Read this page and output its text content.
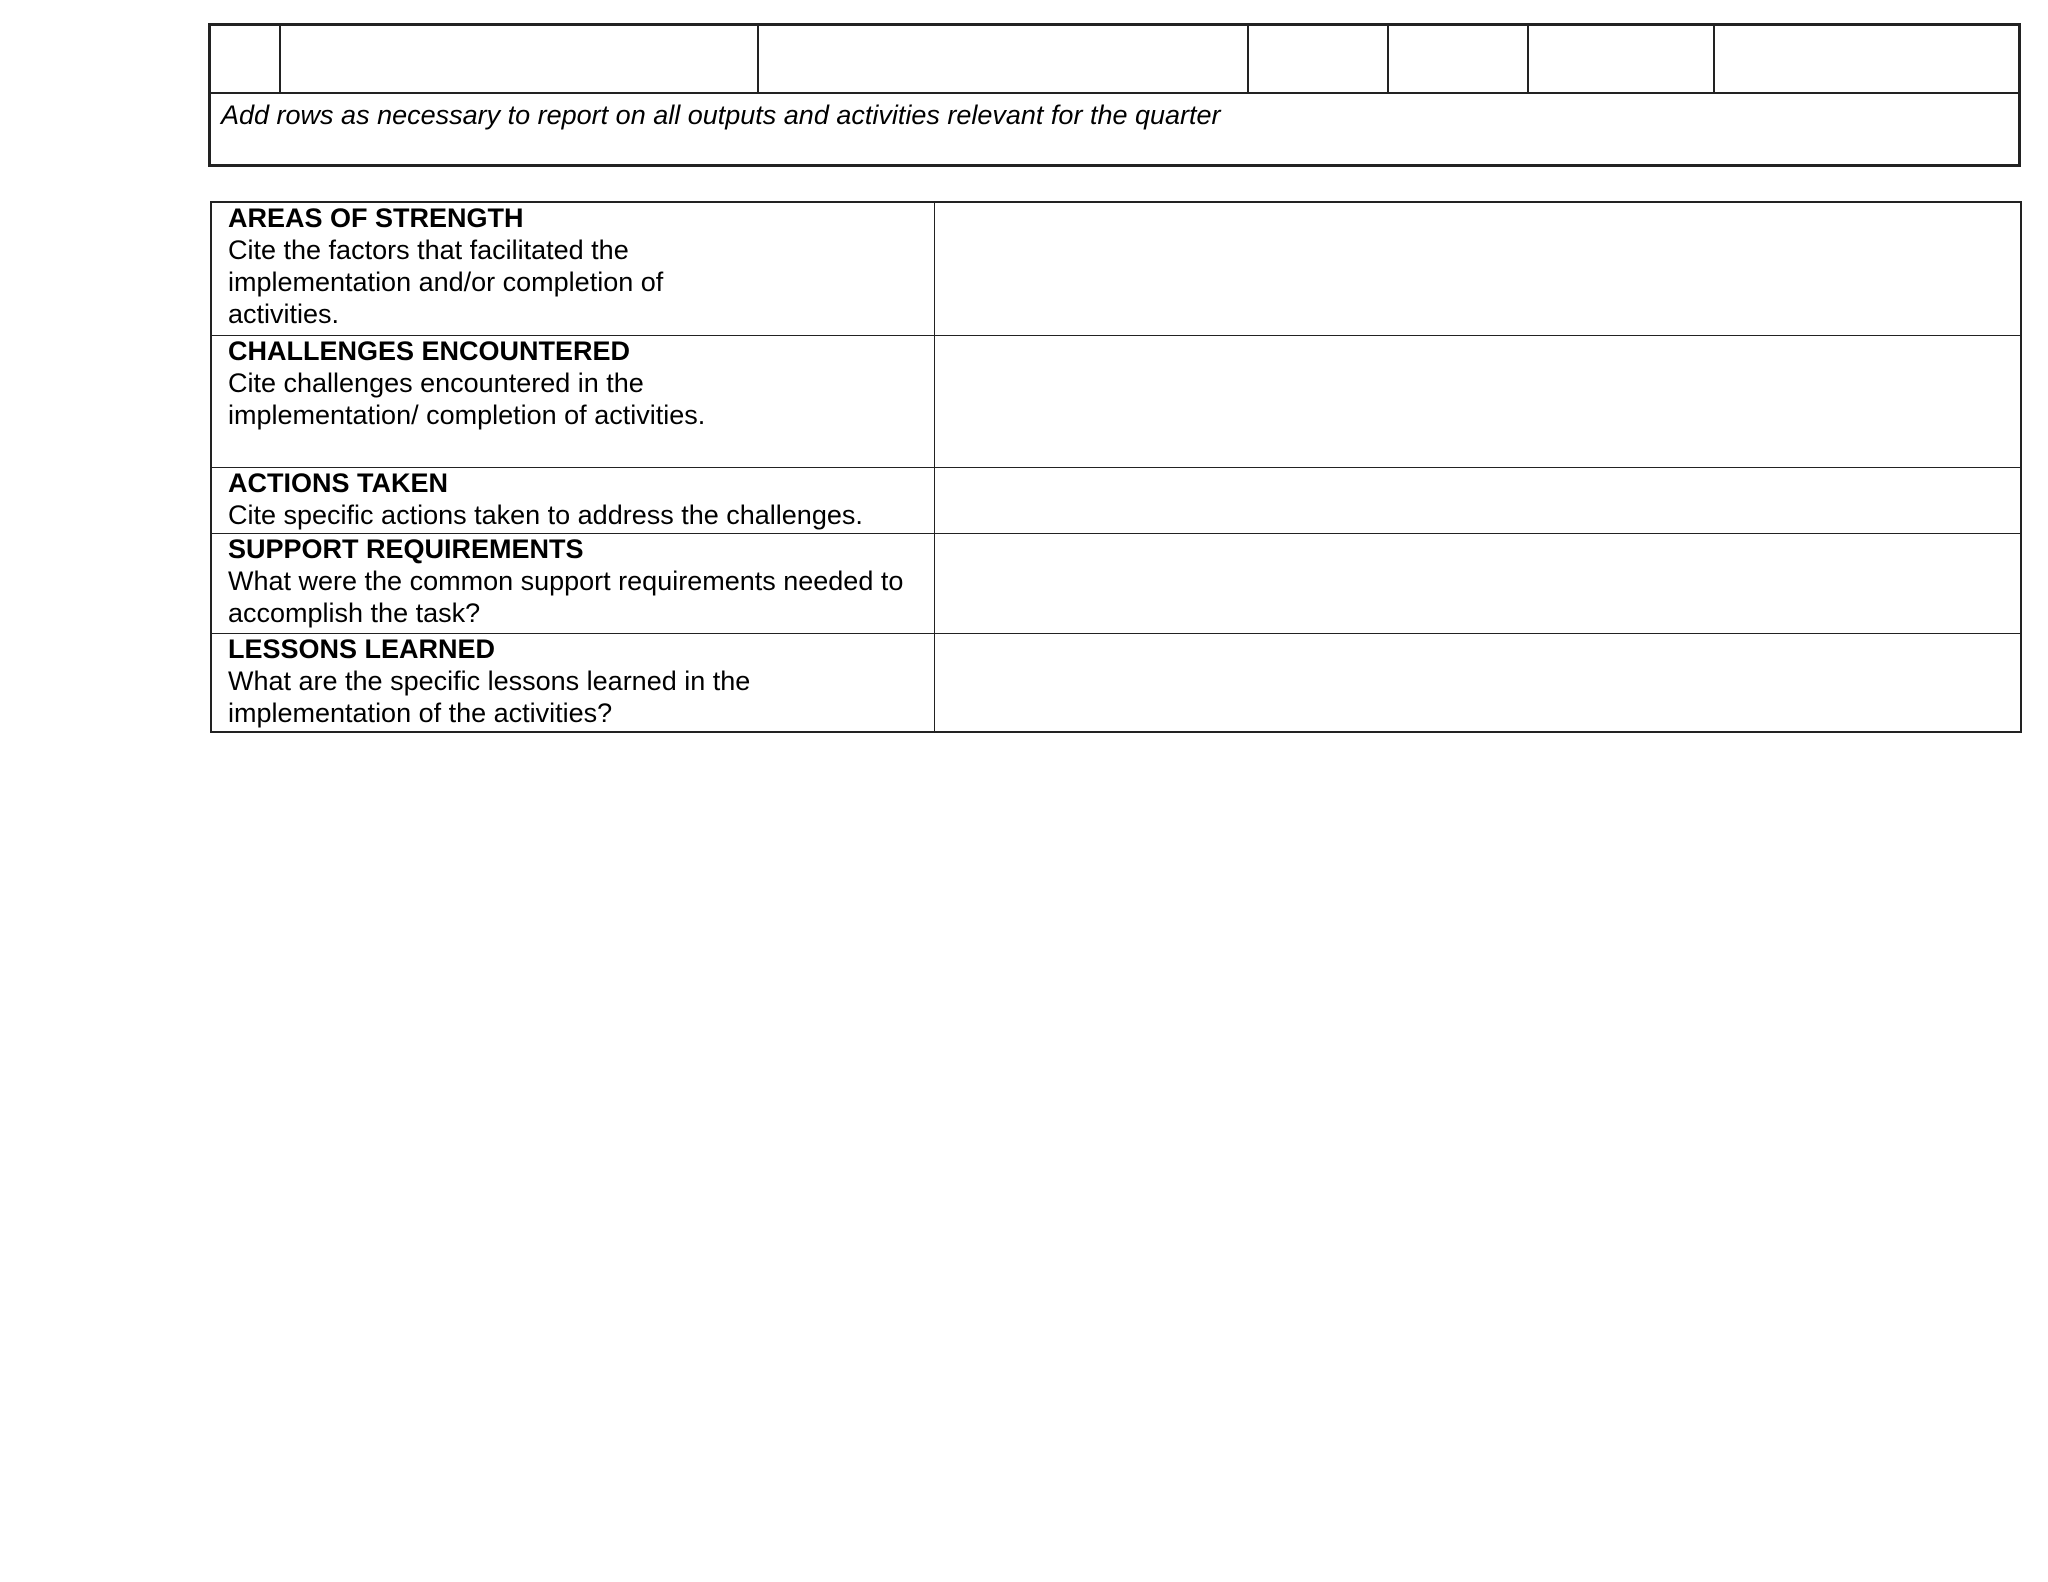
Add rows as necessary to report on all outputs and activities relevant for the quarter
AREAS OF STRENGTH
Cite the factors that facilitated the implementation and/or completion of activities.	

CHALLENGES ENCOUNTERED
Cite challenges encountered in the implementation/ completion of activities.	

ACTIONS TAKEN
Cite specific actions taken to address the challenges.	

SUPPORT REQUIREMENTS
What were the common support requirements needed to accomplish the task?	

LESSONS LEARNED
What are the specific lessons learned in the implementation of the activities?	
